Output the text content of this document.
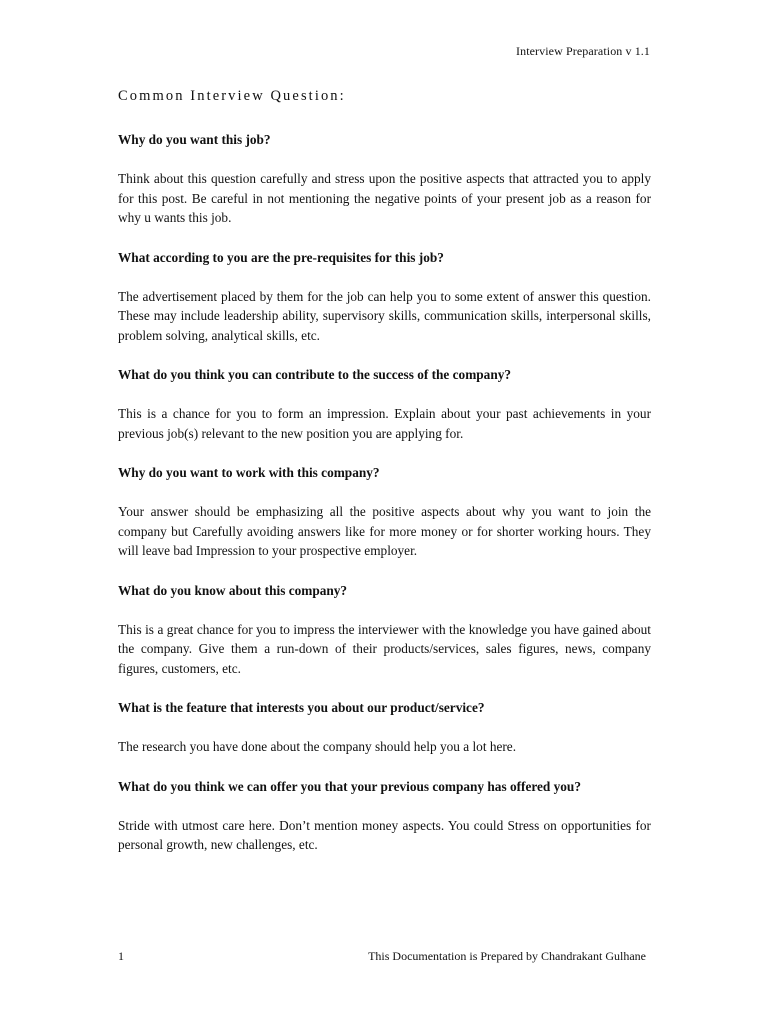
Interview Preparation v 1.1
Common Interview Question:

Why do you want this job?

Think about this question carefully and stress upon the positive aspects that attracted you to apply for this post. Be careful in not mentioning the negative points of your present job as a reason for why u wants this job.

What according to you are the pre-requisites for this job?

The advertisement placed by them for the job can help you to some extent of answer this question. These may include leadership ability, supervisory skills, communication skills, interpersonal skills, problem solving, analytical skills, etc.

What do you think you can contribute to the success of the company?

This is a chance for you to form an impression. Explain about your past achievements in your previous job(s) relevant to the new position you are applying for.

Why do you want to work with this company?

Your answer should be emphasizing all the positive aspects about why you want to join the company but Carefully avoiding answers like for more money or for shorter working hours. They will leave bad Impression to your prospective employer.

What do you know about this company?

This is a great chance for you to impress the interviewer with the knowledge you have gained about the company. Give them a run-down of their products/services, sales figures, news, company figures, customers, etc.

What is the feature that interests you about our product/service?

The research you have done about the company should help you a lot here.

What do you think we can offer you that your previous company has offered you?

Stride with utmost care here. Don’t mention money aspects. You could Stress on opportunities for personal growth, new challenges, etc.

1	This Documentation is Prepared by Chandrakant Gulhane
